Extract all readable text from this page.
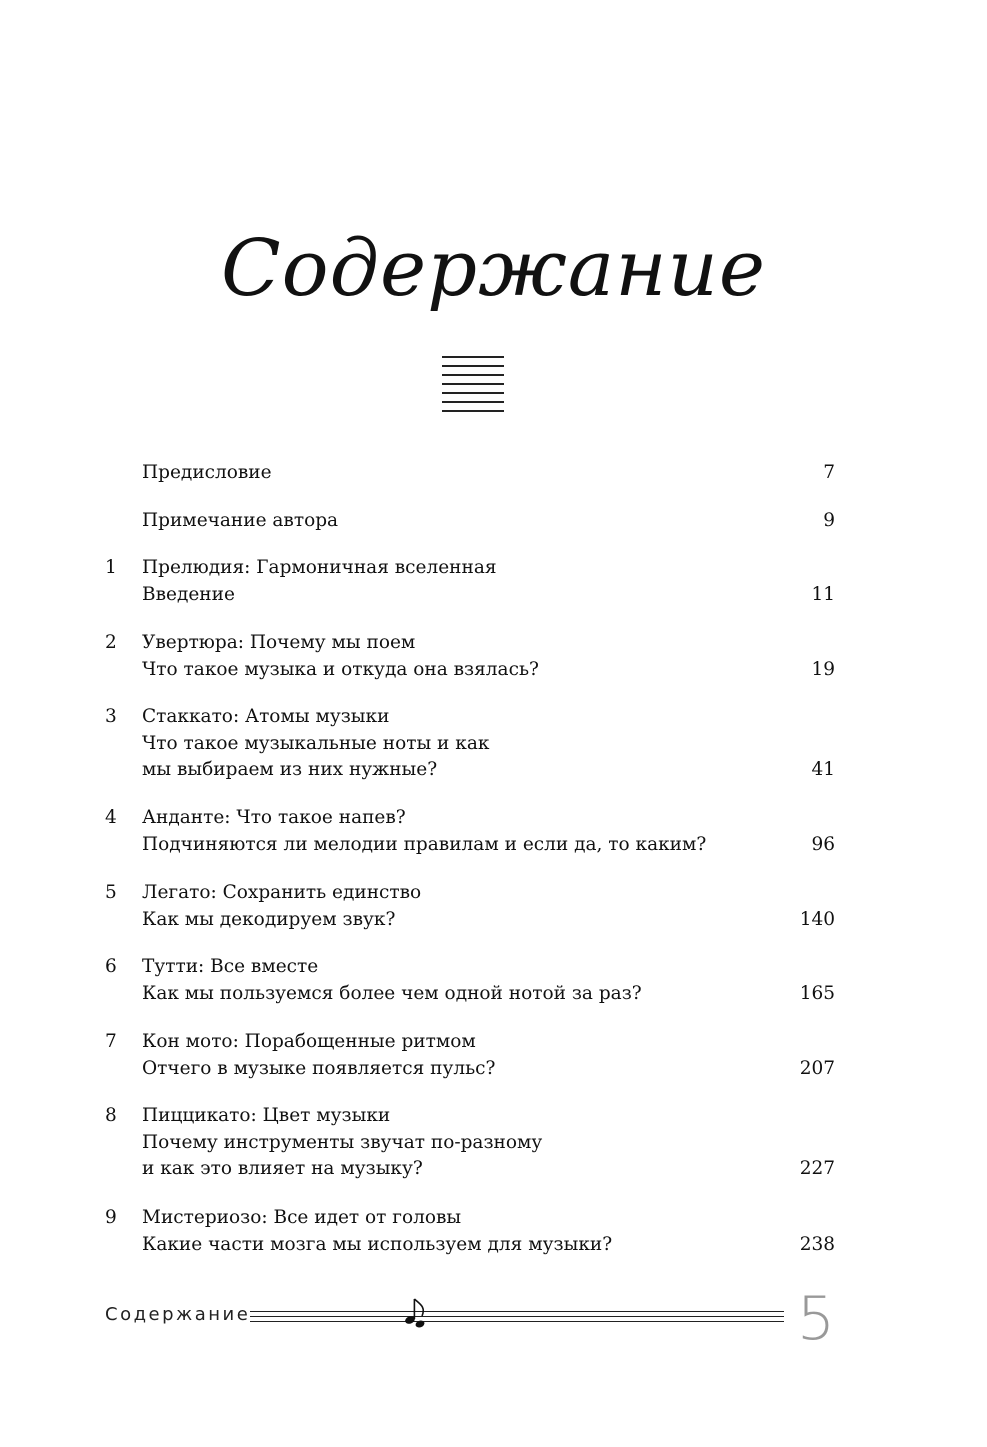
Содержание
Предисловие	7
Примечание автора	9
1 Прелюдия: Гармоничная вселенная
Введение	11
2 Увертюра: Почему мы поем
Что такое музыка и откуда она взялась?	19
3 Стаккато: Атомы музыки
Что такое музыкальные ноты и как
мы выбираем из них нужные?	41
4 Анданте: Что такое напев?
Подчиняются ли мелодии правилам и если да, то каким?	96
5 Легато: Сохранить единство
Как мы декодируем звук?	140
6 Тутти: Все вместе
Как мы пользуемся более чем одной нотой за раз?	165
7 Кон мото: Порабощенные ритмом
Отчего в музыке появляется пульс?	207
8 Пиццикато: Цвет музыки
Почему инструменты звучат по-разному
и как это влияет на музыку?	227
9 Мистериозо: Все идет от головы
Какие части мозга мы используем для музыки?	238
Содержание	5
